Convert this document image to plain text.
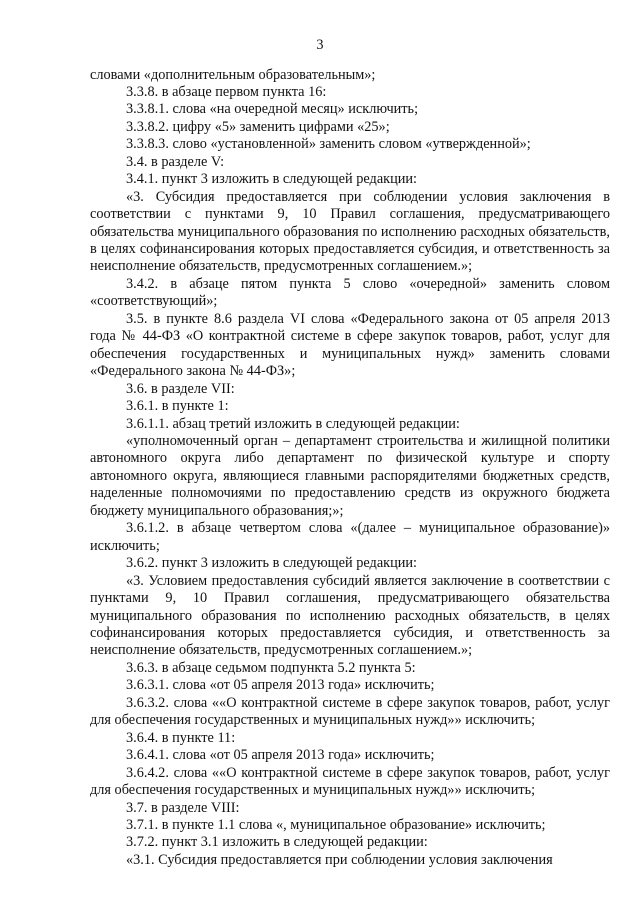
3

словами «дополнительным образовательным»;

3.3.8. в абзаце первом пункта 16:

3.3.8.1. слова «на очередной месяц» исключить;

3.3.8.2. цифру «5» заменить цифрами «25»;

3.3.8.3. слово «установленной» заменить словом «утвержденной»;

3.4. в разделе V:

3.4.1. пункт 3 изложить в следующей редакции:

«3. Субсидия предоставляется при соблюдении условия заключения в соответствии с пунктами 9, 10 Правил соглашения, предусматривающего обязательства муниципального образования по исполнению расходных обязательств, в целях софинансирования которых предоставляется субсидия, и ответственность за неисполнение обязательств, предусмотренных соглашением.»;

3.4.2. в абзаце пятом пункта 5 слово «очередной» заменить словом «соответствующий»;

3.5. в пункте 8.6 раздела VI слова «Федерального закона от 05 апреля 2013 года № 44-ФЗ «О контрактной системе в сфере закупок товаров, работ, услуг для обеспечения государственных и муниципальных нужд» заменить словами «Федерального закона № 44-ФЗ»;

3.6. в разделе VII:

3.6.1. в пункте 1:

3.6.1.1. абзац третий изложить в следующей редакции:

«уполномоченный орган – департамент строительства и жилищной политики автономного округа либо департамент по физической культуре и спорту автономного округа, являющиеся главными распорядителями бюджетных средств, наделенные полномочиями по предоставлению средств из окружного бюджета бюджету муниципального образования;»;

3.6.1.2. в абзаце четвертом слова «(далее – муниципальное образование)» исключить;

3.6.2. пункт 3 изложить в следующей редакции:

«3. Условием предоставления субсидий является заключение в соответствии с пунктами 9, 10 Правил соглашения, предусматривающего обязательства муниципального образования по исполнению расходных обязательств, в целях софинансирования которых предоставляется субсидия, и ответственность за неисполнение обязательств, предусмотренных соглашением.»;

3.6.3. в абзаце седьмом подпункта 5.2 пункта 5:

3.6.3.1. слова «от 05 апреля 2013 года» исключить;

3.6.3.2. слова ««О контрактной системе в сфере закупок товаров, работ, услуг для обеспечения государственных и муниципальных нужд»» исключить;

3.6.4. в пункте 11:

3.6.4.1. слова «от 05 апреля 2013 года» исключить;

3.6.4.2. слова ««О контрактной системе в сфере закупок товаров, работ, услуг для обеспечения государственных и муниципальных нужд»» исключить;

3.7. в разделе VIII:

3.7.1. в пункте 1.1 слова «, муниципальное образование» исключить;

3.7.2. пункт 3.1 изложить в следующей редакции:

«3.1. Субсидия предоставляется при соблюдении условия заключения
